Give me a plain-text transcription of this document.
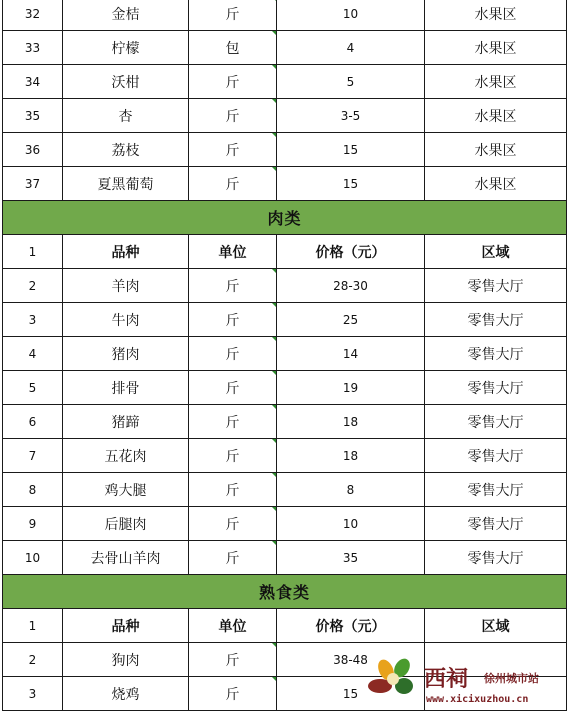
32	金桔	斤	10	水果区
33	柠檬	包	4	水果区
34	沃柑	斤	5	水果区
35	杏	斤	3-5	水果区
36	荔枝	斤	15	水果区
37	夏黑葡萄	斤	15	水果区
肉类				
1	品种	单位	价格（元）	区域
2	羊肉	斤	28-30	零售大厅
3	牛肉	斤	25	零售大厅
4	猪肉	斤	14	零售大厅
5	排骨	斤	19	零售大厅
6	猪蹄	斤	18	零售大厅
7	五花肉	斤	18	零售大厅
8	鸡大腿	斤	8	零售大厅
9	后腿肉	斤	10	零售大厅
10	去骨山羊肉	斤	35	零售大厅
熟食类				
1	品种	单位	价格（元）	区域
2	狗肉	斤	38-48	
3	烧鸡	斤	15	
西祠 徐州城市站
www.xicixuzhou.cn
